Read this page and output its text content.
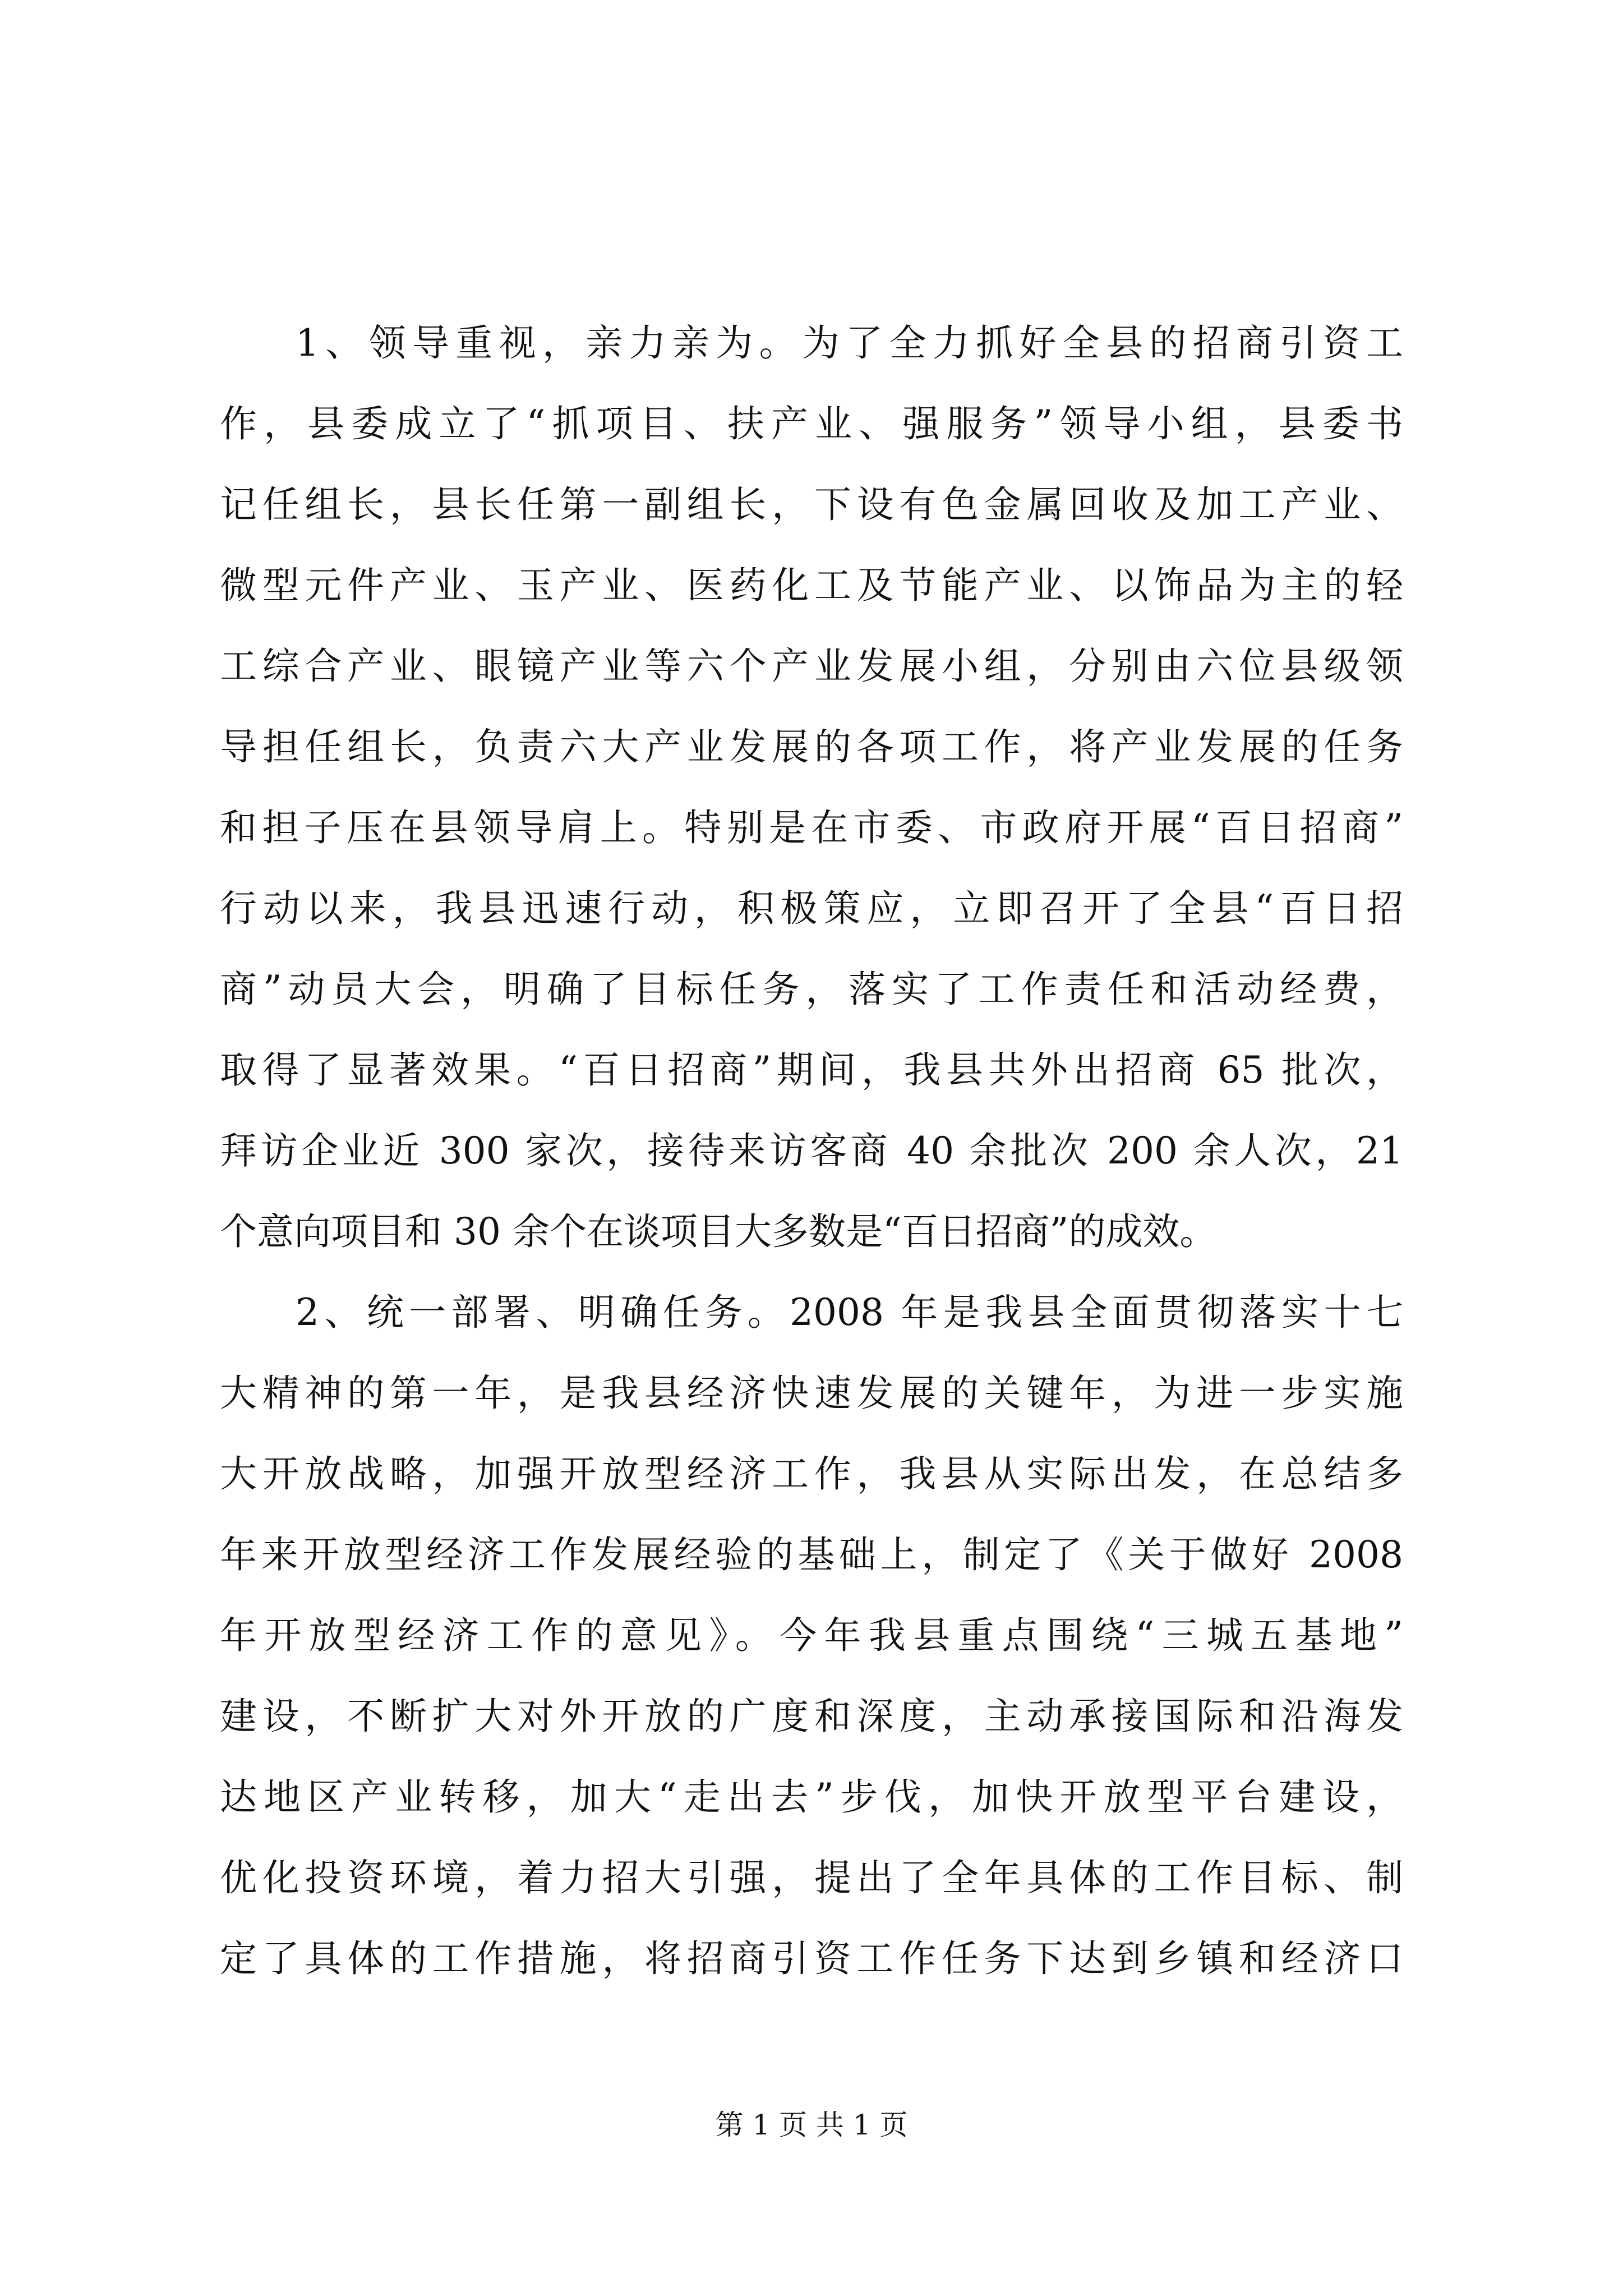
1、领导重视，亲力亲为。为了全力抓好全县的招商引资工
作，县委成立了“抓项目、扶产业、强服务”领导小组，县委书
记任组长，县长任第一副组长，下设有色金属回收及加工产业、
微型元件产业、玉产业、医药化工及节能产业、以饰品为主的轻
工综合产业、眼镜产业等六个产业发展小组，分别由六位县级领
导担任组长，负责六大产业发展的各项工作，将产业发展的任务
和担子压在县领导肩上。特别是在市委、市政府开展“百日招商”
行动以来，我县迅速行动，积极策应，立即召开了全县“百日招
商”动员大会，明确了目标任务，落实了工作责任和活动经费，
取得了显著效果。“百日招商”期间，我县共外出招商 65 批次，
拜访企业近 300 家次，接待来访客商 40 余批次 200 余人次，21
个意向项目和 30 余个在谈项目大多数是“百日招商”的成效。
2、统一部署、明确任务。2008 年是我县全面贯彻落实十七
大精神的第一年，是我县经济快速发展的关键年，为进一步实施
大开放战略，加强开放型经济工作，我县从实际出发，在总结多
年来开放型经济工作发展经验的基础上，制定了《关于做好 2008
年开放型经济工作的意见》。今年我县重点围绕“三城五基地”
建设，不断扩大对外开放的广度和深度，主动承接国际和沿海发
达地区产业转移，加大“走出去”步伐，加快开放型平台建设，
优化投资环境，着力招大引强，提出了全年具体的工作目标、制
定了具体的工作措施，将招商引资工作任务下达到乡镇和经济口
第 1 页 共 1 页
